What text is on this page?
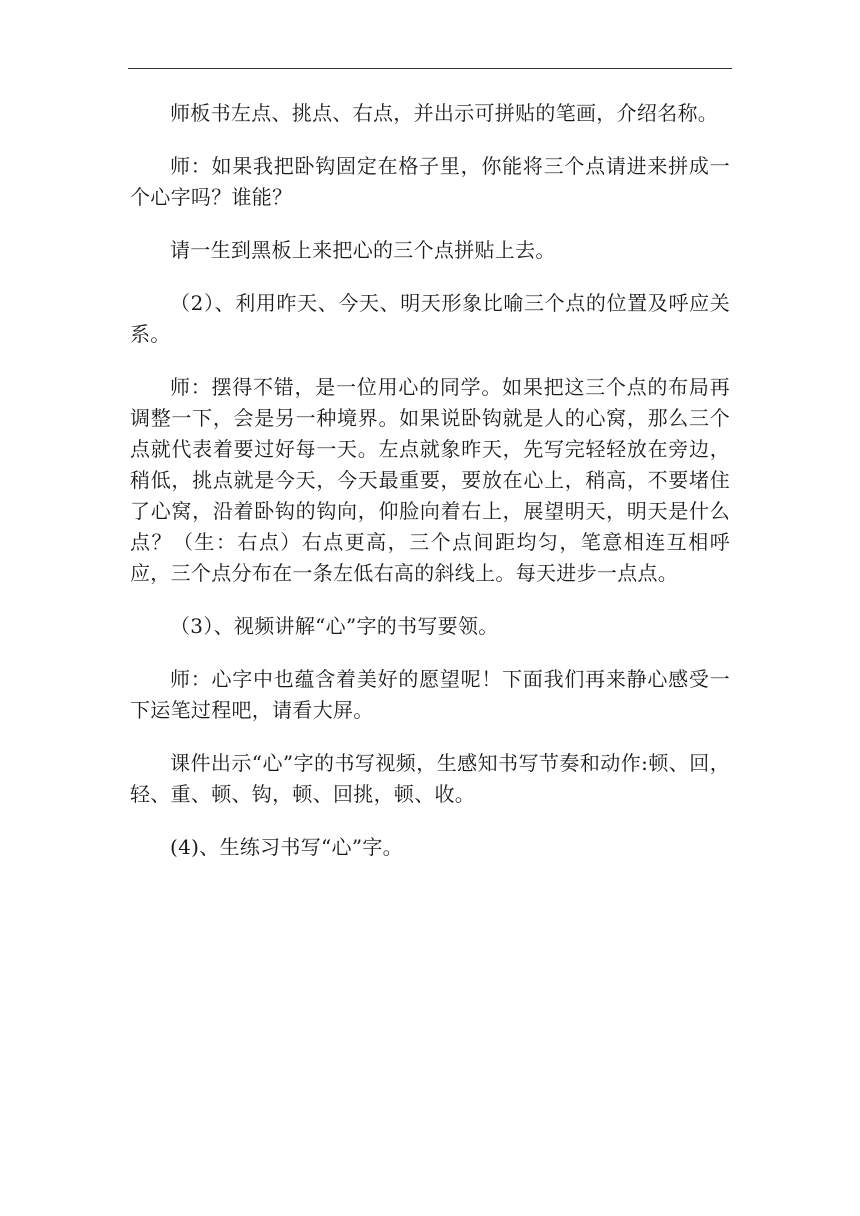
师板书左点、挑点、右点，并出示可拼贴的笔画，介绍名称。

师：如果我把卧钩固定在格子里，你能将三个点请进来拼成一个心字吗？谁能？

请一生到黑板上来把心的三个点拼贴上去。

（2）、利用昨天、今天、明天形象比喻三个点的位置及呼应关系。

师：摆得不错，是一位用心的同学。如果把这三个点的布局再调整一下，会是另一种境界。如果说卧钩就是人的心窝，那么三个点就代表着要过好每一天。左点就象昨天，先写完轻轻放在旁边，稍低，挑点就是今天，今天最重要，要放在心上，稍高，不要堵住了心窝，沿着卧钩的钩向，仰脸向着右上，展望明天，明天是什么点？（生：右点）右点更高，三个点间距均匀，笔意相连互相呼应，三个点分布在一条左低右高的斜线上。每天进步一点点。

（3）、视频讲解“心”字的书写要领。

师：心字中也蕴含着美好的愿望呢！下面我们再来静心感受一下运笔过程吧，请看大屏。

课件出示“心”字的书写视频，生感知书写节奏和动作:顿、回，轻、重、顿、钩，顿、回挑，顿、收。

(4)、生练习书写“心”字。
